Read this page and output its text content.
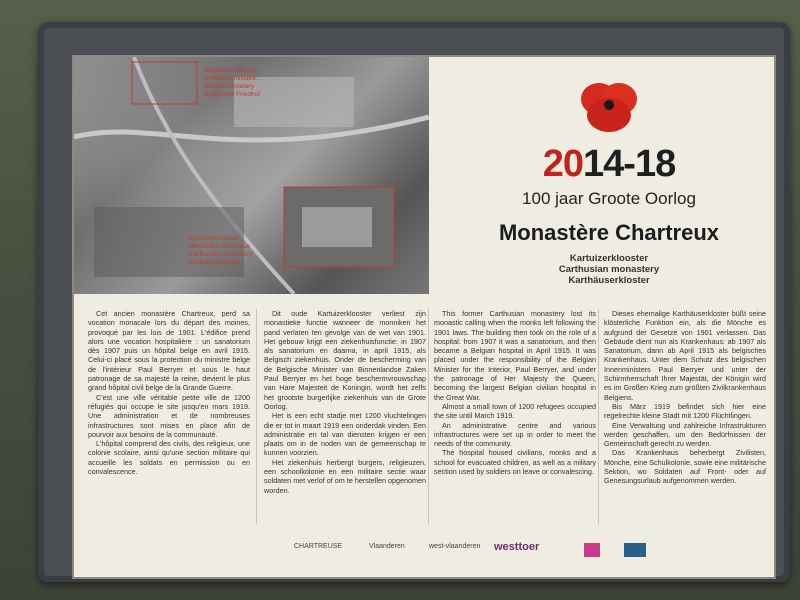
Belgische militaire...
Cimetière militaire...
Belgian cemetery
Belgischer Friedhof
Kartuizerklooster
Monastère Chartreux
Carthusian monastery
Karthäuserkloster
2014-18
100 jaar Groote Oorlog
Monastère Chartreux
Kartuizerklooster
Carthusian monastery
Karthäuserkloster

Cet ancien monastère Chartreux, perd sa vocation monacale lors du départ des moines, provoqué par les lois de 1901. L'édifice prend alors une vocation hospitalière : un sanatorium dès 1907 puis un hôpital belge en avril 1915. Celui-ci placé sous la protection du ministre belge de l'intérieur Paul Berryer et sous le haut patronage de sa majesté la reine, devient le plus grand hôpital civil belge de la Grande Guerre.

C'est une ville véritable petite ville de 1200 réfugiés qui occupe le site jusqu'en mars 1919. Une administration et de nombreuses infrastructures sont mises en place afin de pourvoir aux besoins de la communauté.

L'hôpital comprend des civils, des religieux, une colonie scolaire, ainsi qu'une section militaire qui accueille les soldats en permission ou en convalescence.

Dit oude Kartuizerklooster verliest zijn monastieke functie wanneer de monniken het pand verlaten ten gevolge van de wet van 1901. Het gebouw krijgt een ziekenhuisfunctie: in 1907 als sanatorium en daarna, in april 1915, als Belgisch ziekenhuis. Onder de bescherming van de Belgische Minister van Binnenlandse Zaken Paul Berryer en het hoge beschermvrouwschap van Hare Majesteit de Koningin, wordt het zelfs het grootste burgerlijke ziekenhuis van de Grote Oorlog.

Het is een echt stadje met 1200 vluchtelingen die er tot in maart 1919 een onderdak vinden. Een administratie en tal van diensten krijgen er een plaats om in de noden van de gemeenschap te kunnen voorzien.

Het ziekenhuis herbergt burgers, religieuzen, een schoolkolonie en een militaire sectie waar soldaten met verlof of om te herstellen opgenomen worden.

This former Carthusian monastery lost its monastic calling when the monks left following the 1901 laws. The building then took on the role of a hospital: from 1907 it was a sanatorium, and then became a Belgian hospital in April 1915. It was placed under the responsibility of the Belgian Minister for the Interior, Paul Berryer, and under the patronage of Her Majesty the Queen, becoming the largest Belgian civilian hospital in the Great War.

Almost a small town of 1200 refugees occupied the site until March 1919.

An administrative centre and various infrastructures were set up in order to meet the needs of the community.

The hospital housed civilians, monks and a school for evacuated children, as well as a military section used by soldiers on leave or convalescing.

Dieses ehemalige Karthäuserkloster büßt seine klösterliche Funktion ein, als die Mönche es aufgrund der Gesetze von 1901 verlassen. Das Gebäude dient nun als Krankenhaus: ab 1907 als Sanatorium, dann ab April 1915 als belgisches Krankenhaus. Unter dem Schutz des belgischen Innenministers Paul Berryer und unter der Schirmherrschaft Ihrer Majestät, der Königin wird es im Großen Krieg zum größten Zivilkrankenhaus Belgiens.

Bis März 1919 befindet sich hier eine regelrechte kleine Stadt mit 1200 Flüchtlingen.

Eine Verwaltung und zahlreiche Infrastrukturen werden geschaffen, um den Bedürfnissen der Gemeinschaft gerecht zu werden.

Das Krankenhaus beherbergt Zivilisten, Mönche, eine Schulkolonie, sowie eine militärische Sektion, wo Soldaten auf Front- oder auf Genesungsurlaub aufgenommen werden.

CHARTREUSE	Vlaanderen	west-vlaanderen westtoer
